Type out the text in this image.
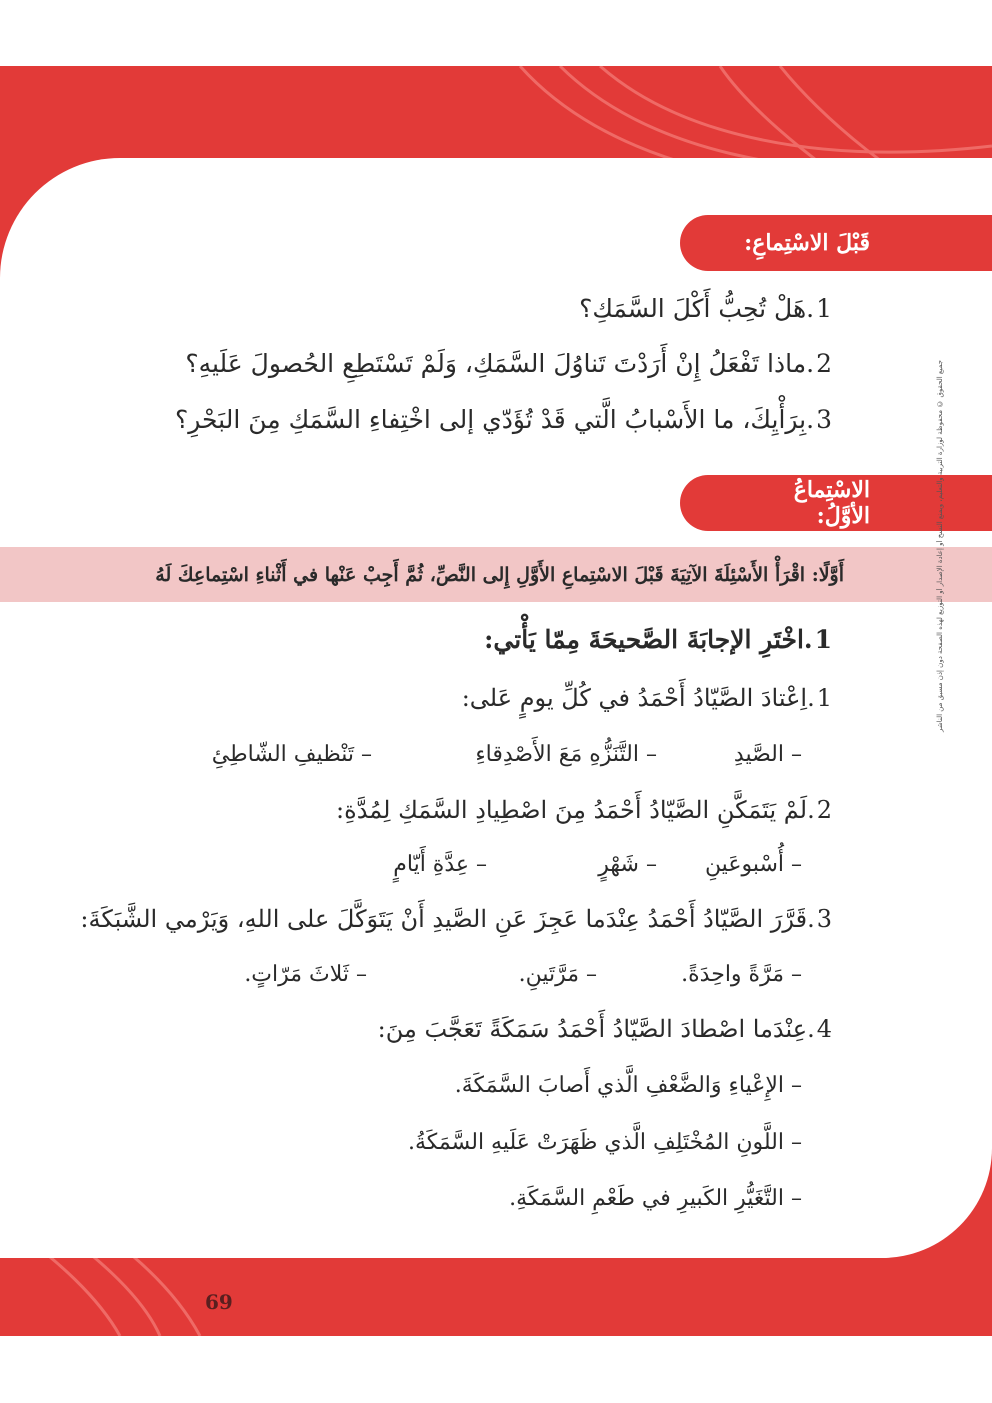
قَبْلَ الاسْتِماعِ:
1.هَلْ تُحِبُّ أَكْلَ السَّمَكِ؟
2.ماذا تَفْعَلُ إِنْ أَرَدْتَ تَناوُلَ السَّمَكِ، وَلَمْ تَسْتَطِعِ الحُصولَ عَلَيهِ؟
3.بِرَأْيِكَ، ما الأَسْبابُ الَّتي قَدْ تُؤَدّي إلى اخْتِفاءِ السَّمَكِ مِنَ البَحْرِ؟
الاسْتِماعُ الأوَّلُ:
أَوَّلًا: اقْرَأْ الأَسْئِلَةَ الآتِيَةَ قَبْلَ الاسْتِماعِ الأَوَّلِ إِلى النَّصِّ، ثُمَّ أَجِبْ عَنْها في أَثْناءِ اسْتِماعِكَ لَهُ
1.اخْتَرِ الإجابَةَ الصَّحيحَةَ مِمّا يَأْتي:
1.اِعْتادَ الصَّيّادُ أَحْمَدُ في كُلِّ يومٍ عَلى:
– الصَّيدِ
– التَّنَزُّهِ مَعَ الأَصْدِقاءِ
– تَنْظيفِ الشّاطِئِ
2.لَمْ يَتَمَكَّنِ الصَّيّادُ أَحْمَدُ مِنَ اصْطِيادِ السَّمَكِ لِمُدَّةِ:
– أُسْبوعَينِ
– شَهْرٍ
– عِدَّةِ أَيّامٍ
3.قَرَّرَ الصَّيّادُ أَحْمَدُ عِنْدَما عَجِزَ عَنِ الصَّيدِ أَنْ يَتَوَكَّلَ على اللهِ، وَيَرْمي الشَّبَكَةَ:
– مَرَّةً واحِدَةً.
– مَرَّتَينِ.
– ثَلاثَ مَرّاتٍ.
4.عِنْدَما اصْطادَ الصَّيّادُ أَحْمَدُ سَمَكَةً تَعَجَّبَ مِنَ:
– الإِعْياءِ وَالضَّعْفِ الَّذي أَصابَ السَّمَكَةَ.
– اللَّونِ المُخْتَلِفِ الَّذي ظَهَرَتْ عَلَيهِ السَّمَكَةُ.
– التَّغَيُّرِ الكَبيرِ في طَعْمِ السَّمَكَةِ.
جميع الحقوق © محفوظة لوزارة التربية والتعليم، ويمنع النسخ أو إعادة الإصدار أو التوزيع لهذه الصفحة دون إذن مسبق من الناشر
69
